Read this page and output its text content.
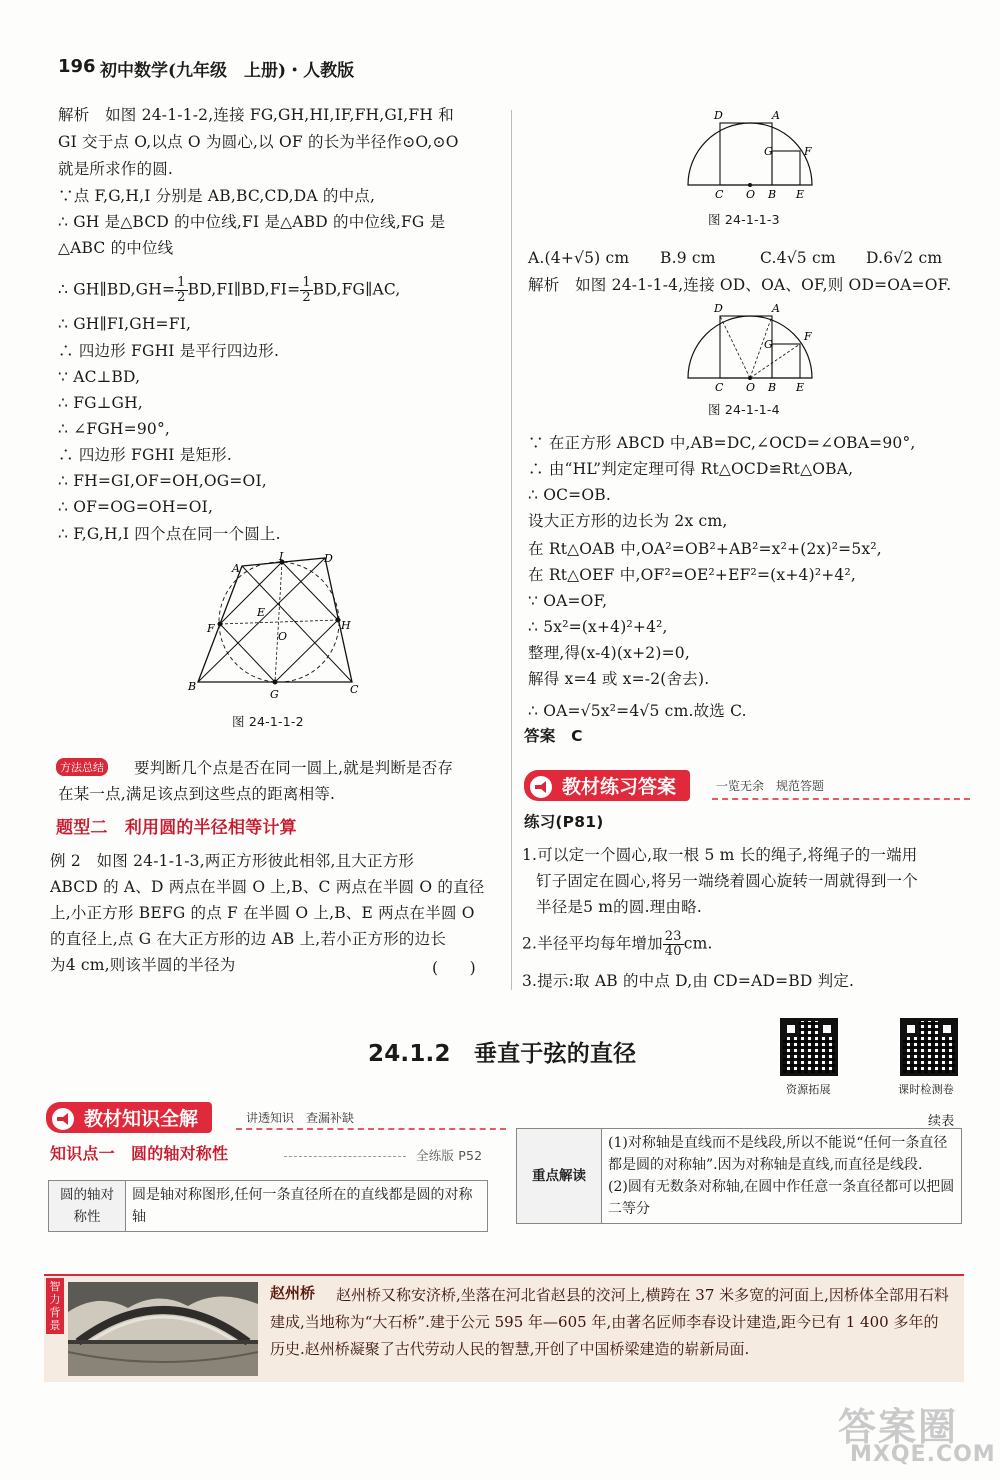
196 初中数学(九年级　上册)・人教版
解析　如图 24-1-1-2,连接 FG,GH,HI,IF,FH,GI,FH 和
GI 交于点 O,以点 O 为圆心,以 OF 的长为半径作⊙O,⊙O
就是所求作的圆.
∵点 F,G,H,I 分别是 AB,BC,CD,DA 的中点,
∴ GH 是△BCD 的中位线,FI 是△ABD 的中位线,FG 是
△ABC 的中位线
∴ GH∥BD,GH= $\frac{1}{2}$ BD,FI∥BD,FI= $\frac{1}{2}$ BD,FG∥AC,
∴ GH∥FI,GH=FI,
∴ 四边形 FGHI 是平行四边形.
∵ AC⊥BD,
∴ FG⊥GH,
∴ ∠FGH=90°,
∴ 四边形 FGHI 是矩形.
∴ FH=GI,OF=OH,OG=OI,
∴ OF=OG=OH=OI,
∴ F,G,H,I 四个点在同一个圆上.
A
I	D
E
F
O
H
B
G	C
图 24-1-1-2
方法总结 要判断几个点是否在同一圆上,就是判断是否存
在某一点,满足该点到这些点的距离相等.
题型二　利用圆的半径相等计算
例 2　如图 24-1-1-3,两正方形彼此相邻,且大正方形
ABCD 的 A、D 两点在半圆 O 上,B、C 两点在半圆 O 的直径
上,小正方形 BEFG 的点 F 在半圆 O 上,B、E 两点在半圆 O
的直径上,点 G 在大正方形的边 AB 上,若小正方形的边长
为4 cm,则该半圆的半径为	(　　)
D	A
G	F
C O B E
图 24-1-1-3
A.(4+√5) cm B.9 cm	C.4√5 cm D.6√2 cm
解析　如图 24-1-1-4,连接 OD、OA、OF,则 OD=OA=OF.
D	A
G
F
C O B E
图 24-1-1-4
∵ 在正方形 ABCD 中,AB=DC,∠OCD=∠OBA=90°,
∴ 由“HL”判定定理可得 Rt△OCD≌Rt△OBA,
∴ OC=OB.
设大正方形的边长为 2x cm,
在 Rt△OAB 中,OA²=OB²+AB²=x²+(2x)²=5x²,
在 Rt△OEF 中,OF²=OE²+EF²=(x+4)²+4²,
∵ OA=OF,
∴ 5x²=(x+4)²+4²,
整理,得(x-4)(x+2)=0,
解得 x=4 或 x=-2(舍去).
∴ OA=√5x²=4√5 cm.故选 C.
答案　 C
教材练习答案	一览无余　规范答题
练习(P81)
1.可以定一个圆心,取一根 5 m 长的绳子,将绳子的一端用
钉子固定在圆心,将另一端绕着圆心旋转一周就得到一个
半径是5 m的圆.理由略.
2.半径平均每年增加 $\frac{23}{40}$ cm.
3.提示:取 AB 的中点 D,由 CD=AD=BD 判定.
24.1.2　垂直于弦的直径
资源拓展	课时检测卷
教材知识全解	讲透知识　查漏补缺	续表
知识点一　圆的轴对称性	全练版 P52
圆的轴对称性	圆是轴对称图形,任何一条直径所在的直线都是圆的对称轴
重点解读	
(1)对称轴是直线而不是线段,所以不能说“任何一条直径都是圆的对称轴”.因为对称轴是直线,而直径是线段.
(2)圆有无数条对称轴,在圆中作任意一条直径都可以把圆二等分
智力背景
赵州桥	赵州桥又称安济桥,坐落在河北省赵县的洨河上,横跨在 37 米多宽的河面上,因桥体全部用石料建成,当地称为“大石桥”.建于公元 595 年—605 年,由著名匠师李春设计建造,距今已有 1 400 多年的历史.赵州桥凝聚了古代劳动人民的智慧,开创了中国桥梁建造的崭新局面.
答案圈
MXQE.COM
